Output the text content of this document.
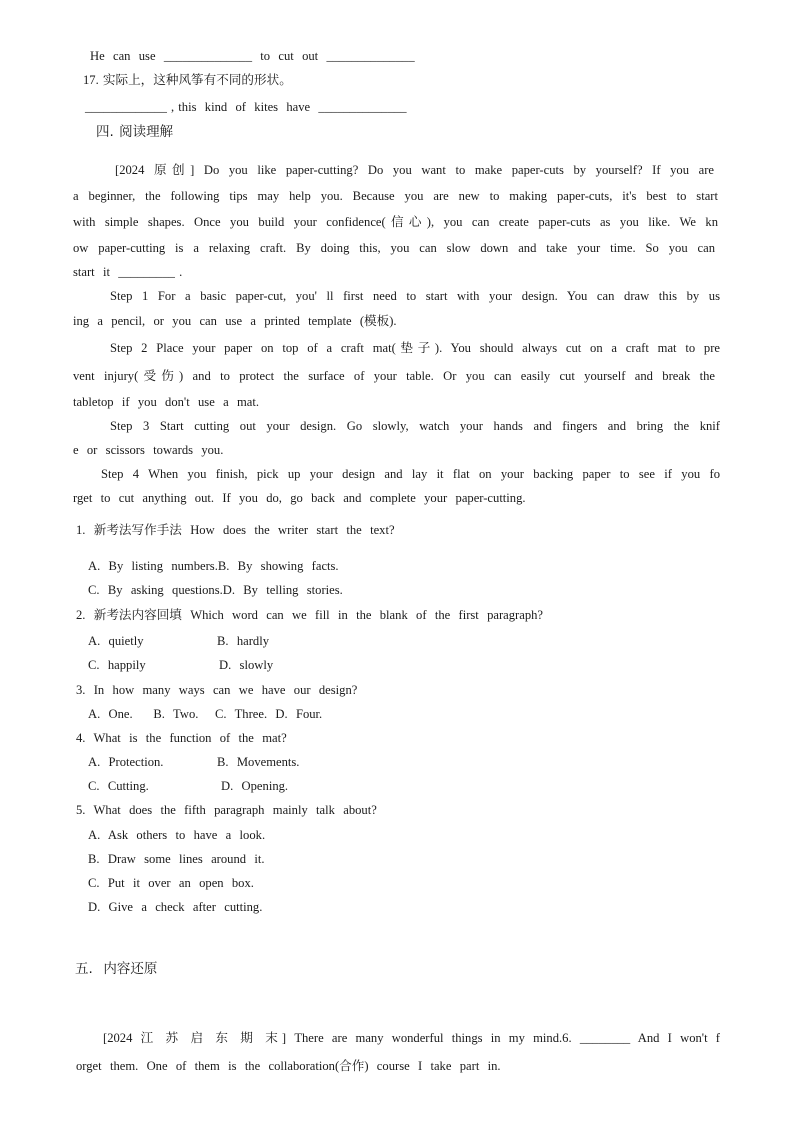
He  can  use  ______________  to  cut  out  ______________
17. 实际上，这种风筝有不同的形状。
_____________ , this  kind  of  kites  have  ______________
四. 阅读理解
[2024 原创] Do you like paper-cutting? Do you want to make paper-cuts by yourself? If you are
a beginner, the following tips may help you. Because you are new to making paper-cuts, it's best to start
with simple shapes. Once you build your confidence(信心), you can create paper-cuts as you like. We kn
ow paper-cutting is a relaxing craft. By doing this, you can slow down and take your time. So you can
start  it  _________ .
Step 1 For a basic paper-cut, you' ll first need to start with your design. You can draw this by us
ing  a  pencil,  or  you  can  use  a  printed  template  (模板).
Step 2 Place your paper on top of a craft mat(垫子). You should always cut on a craft mat to pre
vent injury(受伤) and to protect the surface of your table. Or you can easily cut yourself and break the
tabletop  if  you  don't  use  a  mat.
Step 3 Start cutting out your design. Go slowly, watch your hands and fingers and bring the knif
e  or  scissors  towards  you.
Step 4 When you finish, pick up your design and lay it flat on your backing paper to see if you fo
rget  to  cut  anything  out.  If  you  do,  go  back  and  complete  your  paper-cutting.
1.  新考法写作手法  How  does  the  writer  start  the  text?
A.  By  listing  numbers.B.  By  showing  facts.
C.  By  asking  questions.D.  By  telling  stories.
2.  新考法内容回填  Which  word  can  we  fill  in  the  blank  of  the  first  paragraph?
A.  quietly	B.  hardly
C.  happily	D.  slowly
3.  In  how  many  ways  can  we  have  our  design?
A.  One.     B.  Two.    C.  Three.  D.  Four.
4.  What  is  the  function  of  the  mat?
A.  Protection.	B.  Movements.
C.  Cutting.	D.  Opening.
5.  What  does  the  fifth  paragraph  mainly  talk  about?
A.  Ask  others  to  have  a  look.
B.  Draw  some  lines  around  it.
C.  Put  it  over  an  open  box.
D.  Give  a  check  after  cutting.
五.  内容还原
[2024 江 苏 启 东 期 末] There are many wonderful things in my mind.6. ________ And I won't f
orget  them.  One  of  them  is  the  collaboration(合作)  course  I  take  part  in.
